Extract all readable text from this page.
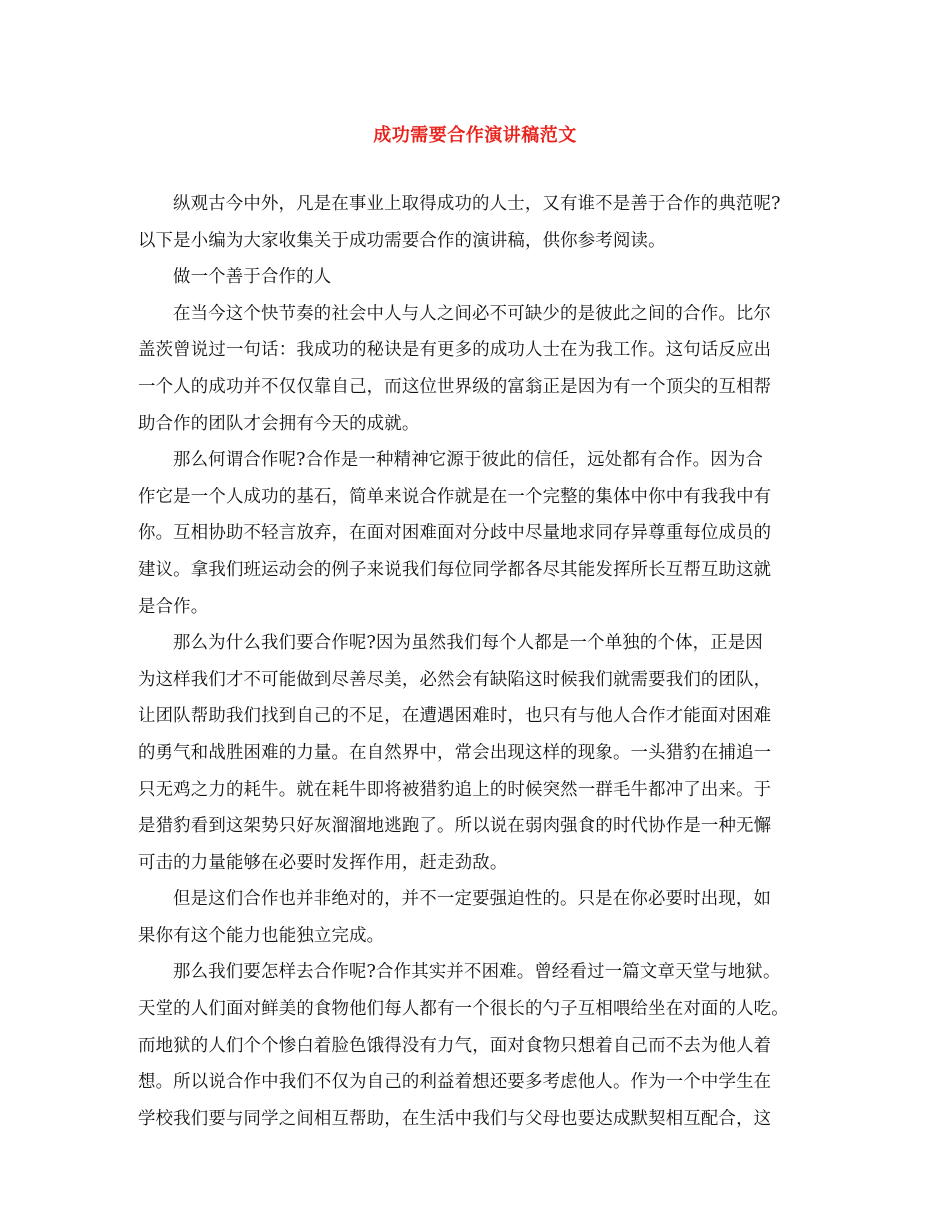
成功需要合作演讲稿范文
纵观古今中外，凡是在事业上取得成功的人士，又有谁不是善于合作的典范呢?
以下是小编为大家收集关于成功需要合作的演讲稿，供你参考阅读。
做一个善于合作的人
在当今这个快节奏的社会中人与人之间必不可缺少的是彼此之间的合作。比尔
盖茨曾说过一句话：我成功的秘诀是有更多的成功人士在为我工作。这句话反应出
一个人的成功并不仅仅靠自己，而这位世界级的富翁正是因为有一个顶尖的互相帮
助合作的团队才会拥有今天的成就。
那么何谓合作呢?合作是一种精神它源于彼此的信任，远处都有合作。因为合
作它是一个人成功的基石，简单来说合作就是在一个完整的集体中你中有我我中有
你。互相协助不轻言放弃，在面对困难面对分歧中尽量地求同存异尊重每位成员的
建议。拿我们班运动会的例子来说我们每位同学都各尽其能发挥所长互帮互助这就
是合作。
那么为什么我们要合作呢?因为虽然我们每个人都是一个单独的个体，正是因
为这样我们才不可能做到尽善尽美，必然会有缺陷这时候我们就需要我们的团队，
让团队帮助我们找到自己的不足，在遭遇困难时，也只有与他人合作才能面对困难
的勇气和战胜困难的力量。在自然界中，常会出现这样的现象。一头猎豹在捕追一
只无鸡之力的耗牛。就在耗牛即将被猎豹追上的时候突然一群毛牛都冲了出来。于
是猎豹看到这架势只好灰溜溜地逃跑了。所以说在弱肉强食的时代协作是一种无懈
可击的力量能够在必要时发挥作用，赶走劲敌。
但是这们合作也并非绝对的，并不一定要强迫性的。只是在你必要时出现，如
果你有这个能力也能独立完成。
那么我们要怎样去合作呢?合作其实并不困难。曾经看过一篇文章天堂与地狱。
天堂的人们面对鲜美的食物他们每人都有一个很长的勺子互相喂给坐在对面的人吃。
而地狱的人们个个惨白着脸色饿得没有力气，面对食物只想着自己而不去为他人着
想。所以说合作中我们不仅为自己的利益着想还要多考虑他人。作为一个中学生在
学校我们要与同学之间相互帮助，在生活中我们与父母也要达成默契相互配合，这
